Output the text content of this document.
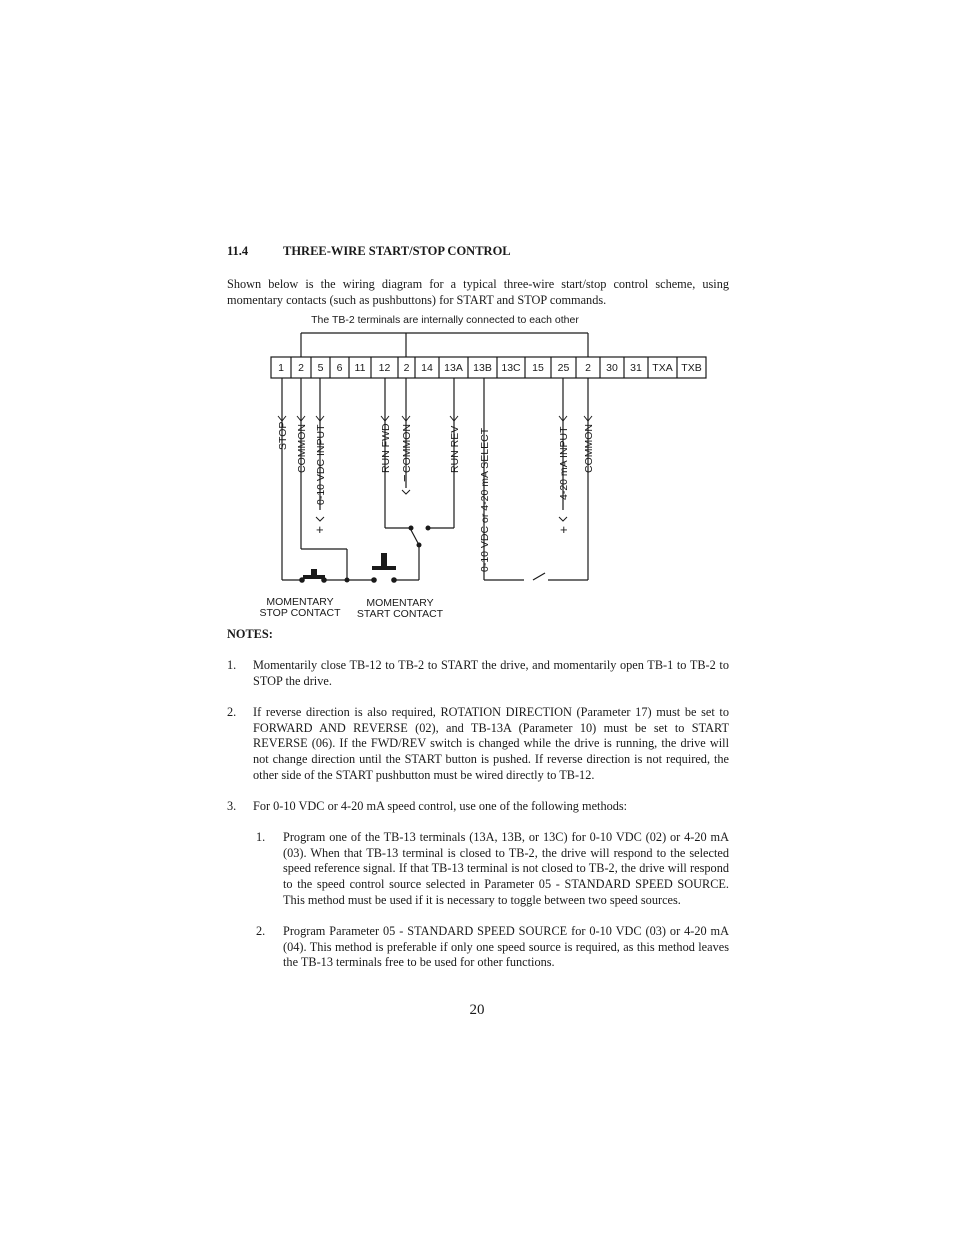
11.4	THREE-WIRE START/STOP CONTROL
Shown below is the wiring diagram for a typical three-wire start/stop control scheme, using momentary contacts (such as pushbuttons) for START and STOP commands.
The TB-2 terminals are internally connected to each other
1 2 5 6 11 12 2 14 13A 13B 13C 15 25 2 30 31 TXA TXB
+
−
+
STOP COMMON 0-10 VDC INPUT	RUN FWD COMMON	RUN REV 0-10 VDC or 4-20 mA SELECT	4-20 mA INPUT COMMON
MOMENTARY
STOP CONTACT
MOMENTARY
START CONTACT
NOTES:
1. Momentarily close TB-12 to TB-2 to START the drive, and momentarily open TB-1 to TB-2 to STOP the drive.
2. If reverse direction is also required, ROTATION DIRECTION (Parameter 17) must be set to FORWARD AND REVERSE (02), and TB-13A (Parameter 10) must be set to START REVERSE (06). If the FWD/REV switch is changed while the drive is running, the drive will not change direction until the START button is pushed. If reverse direction is not required, the other side of the START pushbutton must be wired directly to TB-12.
3. For 0-10 VDC or 4-20 mA speed control, use one of the following methods:
1. Program one of the TB-13 terminals (13A, 13B, or 13C) for 0-10 VDC (02) or 4-20 mA (03). When that TB-13 terminal is closed to TB-2, the drive will respond to the selected speed reference signal. If that TB-13 terminal is not closed to TB-2, the drive will respond to the speed control source selected in Parameter 05 - STANDARD SPEED SOURCE. This method must be used if it is necessary to toggle between two speed sources.
2. Program Parameter 05 - STANDARD SPEED SOURCE for 0-10 VDC (03) or 4-20 mA (04). This method is preferable if only one speed source is required, as this method leaves the TB-13 terminals free to be used for other functions.
20
